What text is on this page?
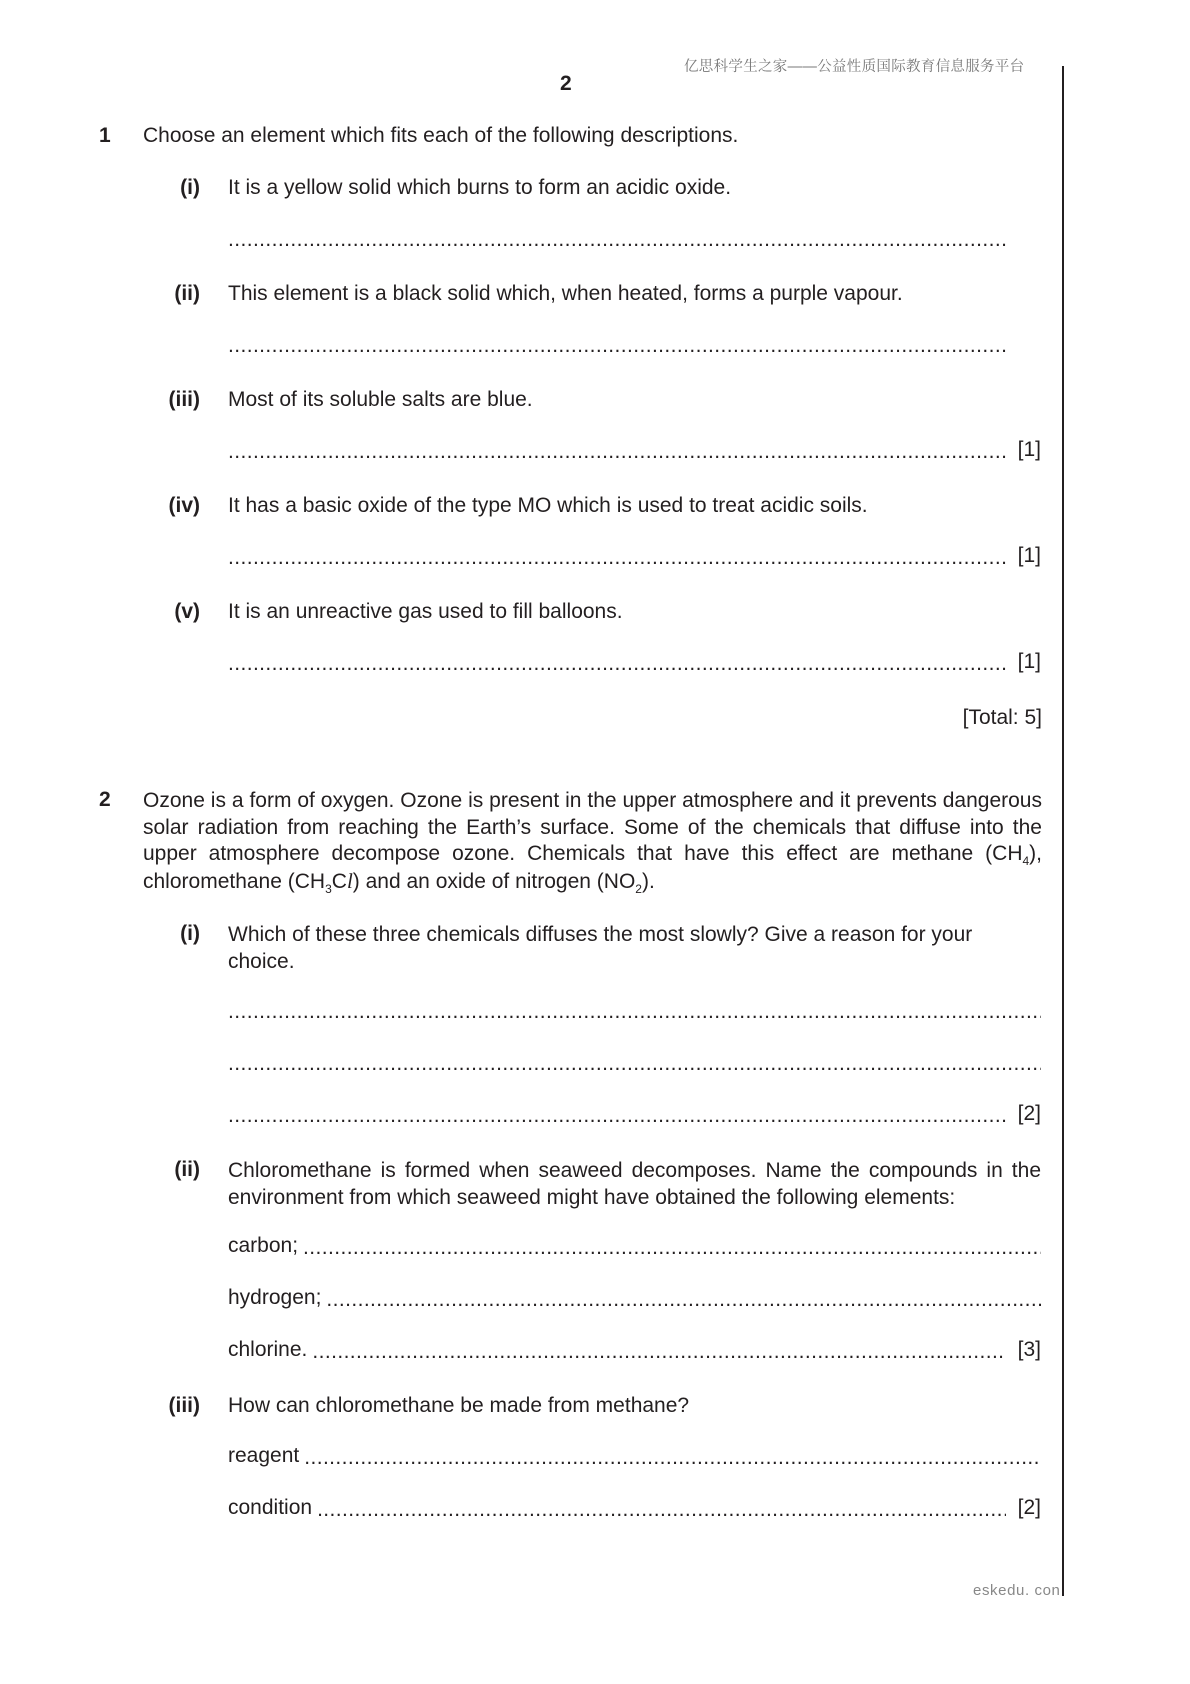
亿思科学生之家——公益性质国际教育信息服务平台
2
eskedu. con
1 Choose an element which fits each of the following descriptions.
(i) It is a yellow solid which burns to form an acidic oxide.
.....
(ii) This element is a black solid which, when heated, forms a purple vapour.
.....
(iii) Most of its soluble salts are blue.
.....
[1]
(iv) It has a basic oxide of the type MO which is used to treat acidic soils.
.....
[1]
(v) It is an unreactive gas used to fill balloons.
.....
[1]
[Total: 5]
2 Ozone is a form of oxygen. Ozone is present in the upper atmosphere and it prevents dangerous solar radiation from reaching the Earth’s surface. Some of the chemicals that diffuse into the upper atmosphere decompose ozone. Chemicals that have this effect are methane $(CH_4)$, chloromethane $(CH_3Cl)$ and an oxide of nitrogen $(NO_2)$.
(i) Which of these three chemicals diffuses the most slowly? Give a reason for your choice.
.....
.....
.....
[2]
(ii) Chloromethane is formed when seaweed decomposes. Name the compounds in the environment from which seaweed might have obtained the following elements:
carbon;
.....
hydrogen;
.....
chlorine. .....	[3]
(iii) How can chloromethane be made from methane?
reagent
.....
condition .....	[2]
